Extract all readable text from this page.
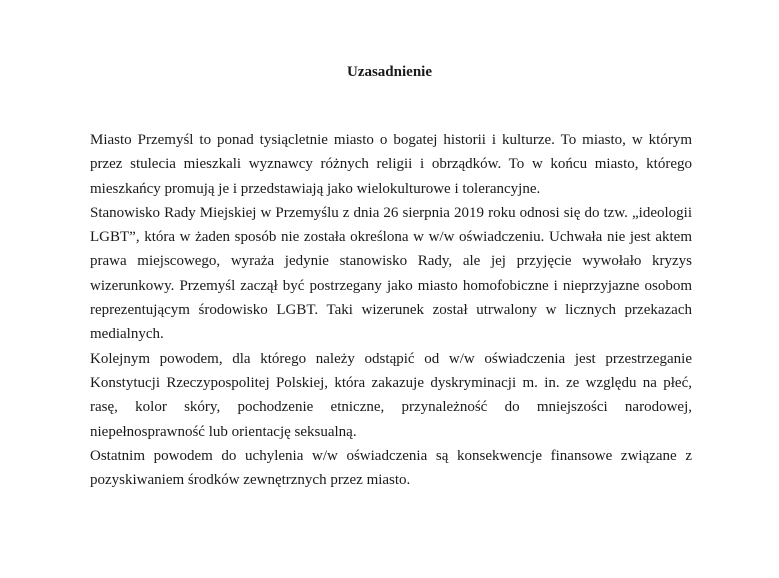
Uzasadnienie

Miasto Przemyśl to ponad tysiącletnie miasto o bogatej historii i kulturze. To miasto, w którym przez stulecia mieszkali wyznawcy różnych religii i obrządków. To w końcu miasto, którego mieszkańcy promują je i przedstawiają jako wielokulturowe i tolerancyjne.

Stanowisko Rady Miejskiej w Przemyślu z dnia 26 sierpnia 2019 roku odnosi się do tzw. „ideologii LGBT”, która w żaden sposób nie została określona w w/w oświadczeniu. Uchwała nie jest aktem prawa miejscowego, wyraża jedynie stanowisko Rady, ale jej przyjęcie wywołało kryzys wizerunkowy. Przemyśl zaczął być postrzegany jako miasto homofobiczne i nieprzyjazne osobom reprezentującym środowisko LGBT. Taki wizerunek został utrwalony w licznych przekazach medialnych.

Kolejnym powodem, dla którego należy odstąpić od w/w oświadczenia jest przestrzeganie Konstytucji Rzeczypospolitej Polskiej, która zakazuje dyskryminacji m. in. ze względu na płeć, rasę, kolor skóry, pochodzenie etniczne, przynależność do mniejszości narodowej, niepełnosprawność lub orientację seksualną.

Ostatnim powodem do uchylenia w/w oświadczenia są konsekwencje finansowe związane z pozyskiwaniem środków zewnętrznych przez miasto.
